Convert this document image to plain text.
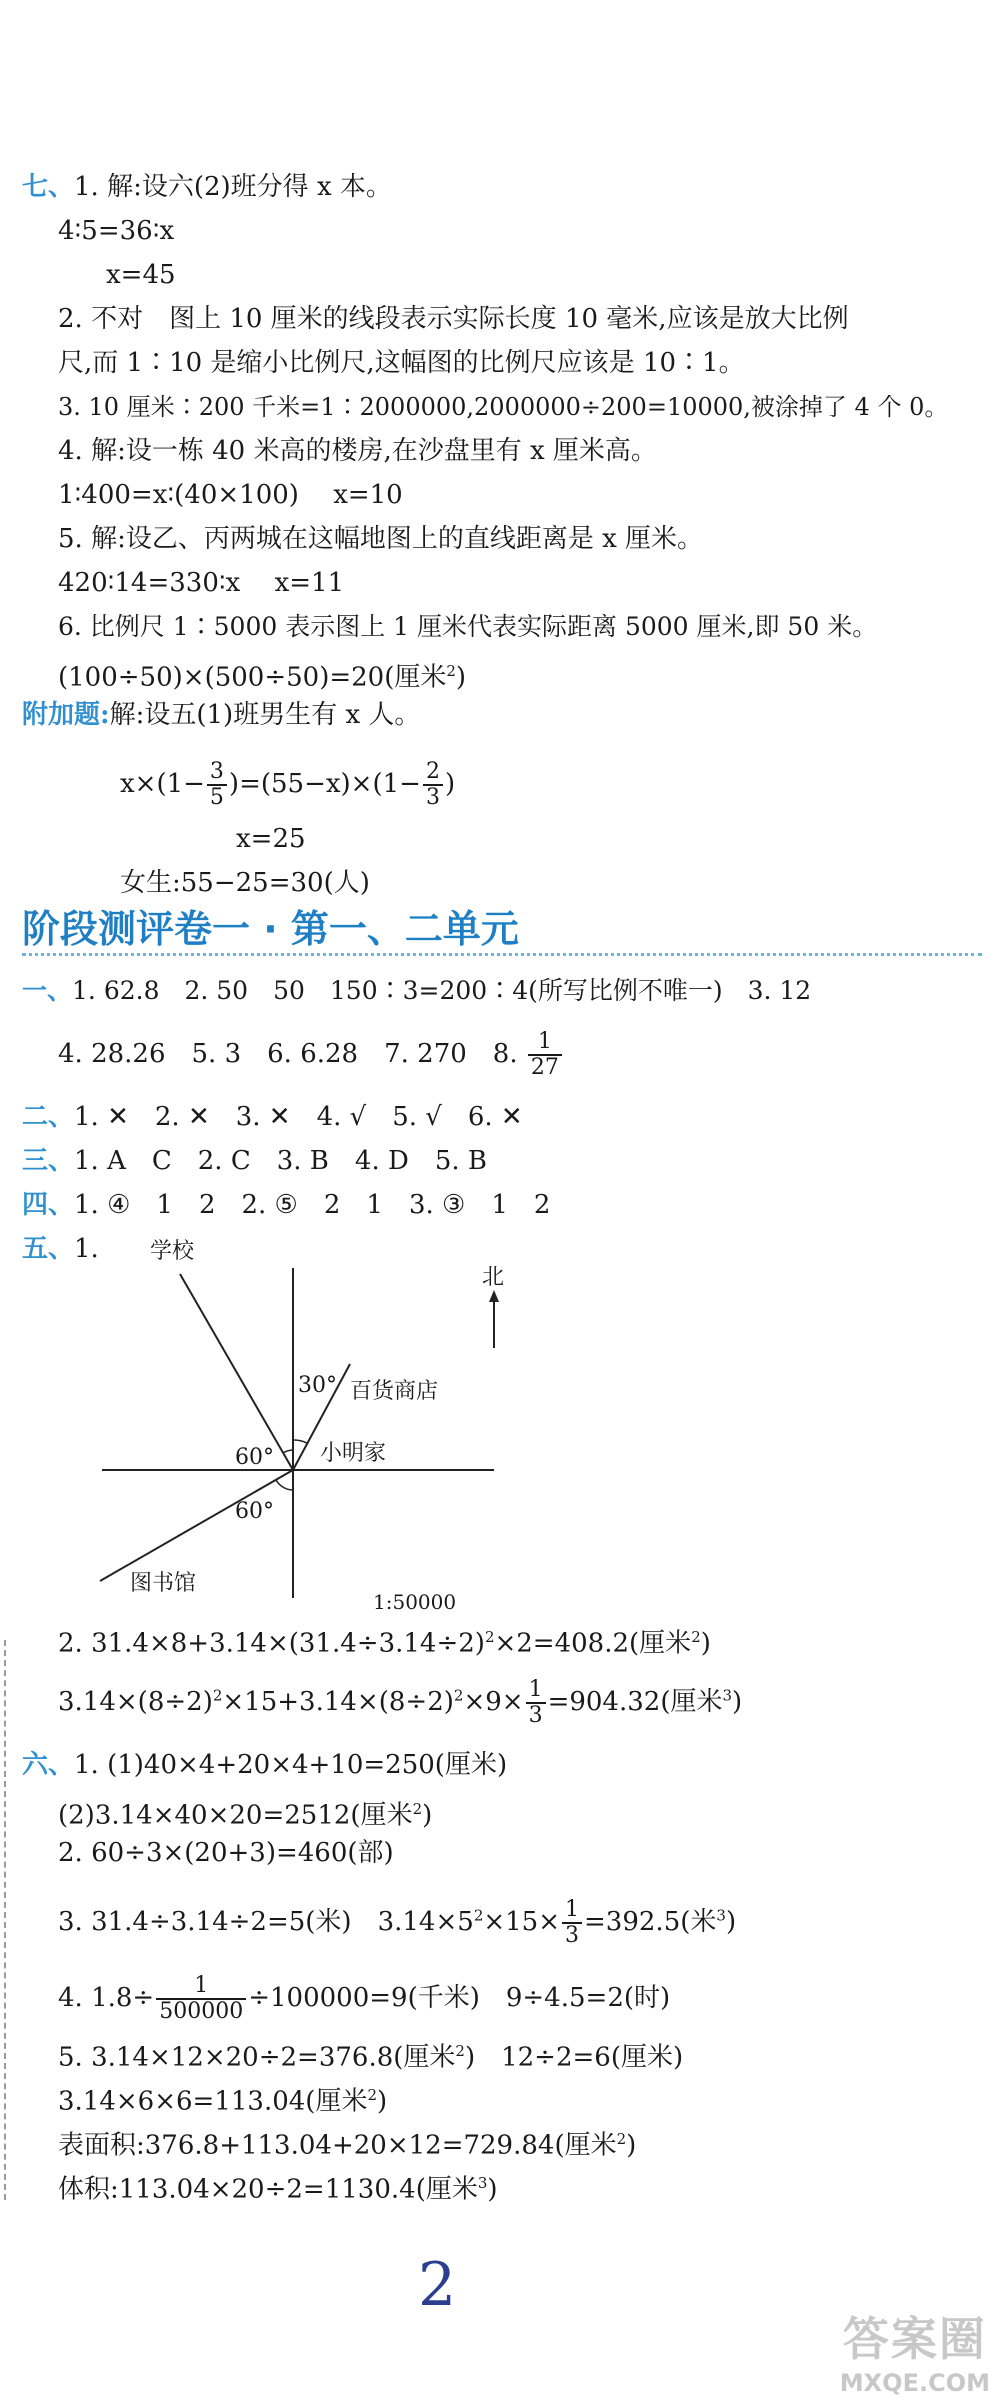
七、1. 解:设六(2)班分得 x 本。
4∶5=36∶x
x=45
2. 不对　图上 10 厘米的线段表示实际长度 10 毫米,应该是放大比例
尺,而 1∶10 是缩小比例尺,这幅图的比例尺应该是 10∶1。
3. 10 厘米∶200 千米=1∶2000000,2000000÷200=10000,被涂掉了 4 个 0。
4. 解:设一栋 40 米高的楼房,在沙盘里有 x 厘米高。
1∶400=x∶(40×100)　 x=10
5. 解:设乙、丙两城在这幅地图上的直线距离是 x 厘米。
420∶14=330∶x　 x=11
6. 比例尺 1∶5000 表示图上 1 厘米代表实际距离 5000 厘米,即 50 米。
(100÷50)×(500÷50)=20(厘米$^2$)
附加题:解:设五(1)班男生有 x 人。
$x\times(1- \frac{3}{5} )=(55-x)\times(1- \frac{2}{3}$ )
x=25
女生:55−25=30(人)
阶段测评卷一 · 第一、二单元
一、1. 62.8　2. 50　50　150∶3=200∶4(所写比例不唯一)　3. 12
4. 28.26　5. 3　6. 6.28　7. 270　8. $\frac{1}{27}$
二、1. ✕　2. ✕　3. ✕　4. √　5. √　6. ✕
三、1. A　C　2. C　3. B　4. D　5. B
四、1. ④　1　2　2. ⑤　2　1　3. ③　1　2
五、1. 学校
北
30° 百货商店
60° 小明家
60°
图书馆
1:50000
2. $31.4\times 8+3.14\times(31.4\div 3.14\div 2)^2\times 2=408.2$(厘米$^2$)
$3.14\times(8\div 2)^2\times 15+3.14\times(8\div 2)^2\times 9\times \frac{1}{3} =904.32$(厘米$^3$)
六、1. (1)40×4+20×4+10=250(厘米)
(2)3.14×40×20=2512(厘米$^2$)
2. 60÷3×(20+3)=460(部)
3. 31.4÷3.14÷2=5(米)　$3.14\times 5^2\times 15\times \frac{1}{3} =392.5$(米$^3$)
4. $1.8\div \frac{1}{500000} \div 100000=9$(千米)　9÷4.5=2(时)
5. 3.14×12×20÷2=376.8(厘米$^2$)　12÷2=6(厘米)
3.14×6×6=113.04(厘米$^2$)
表面积:376.8+113.04+20×12=729.84(厘米$^2$)
体积:113.04×20÷2=1130.4(厘米$^3$)
2
答案圈
MXQE.COM
